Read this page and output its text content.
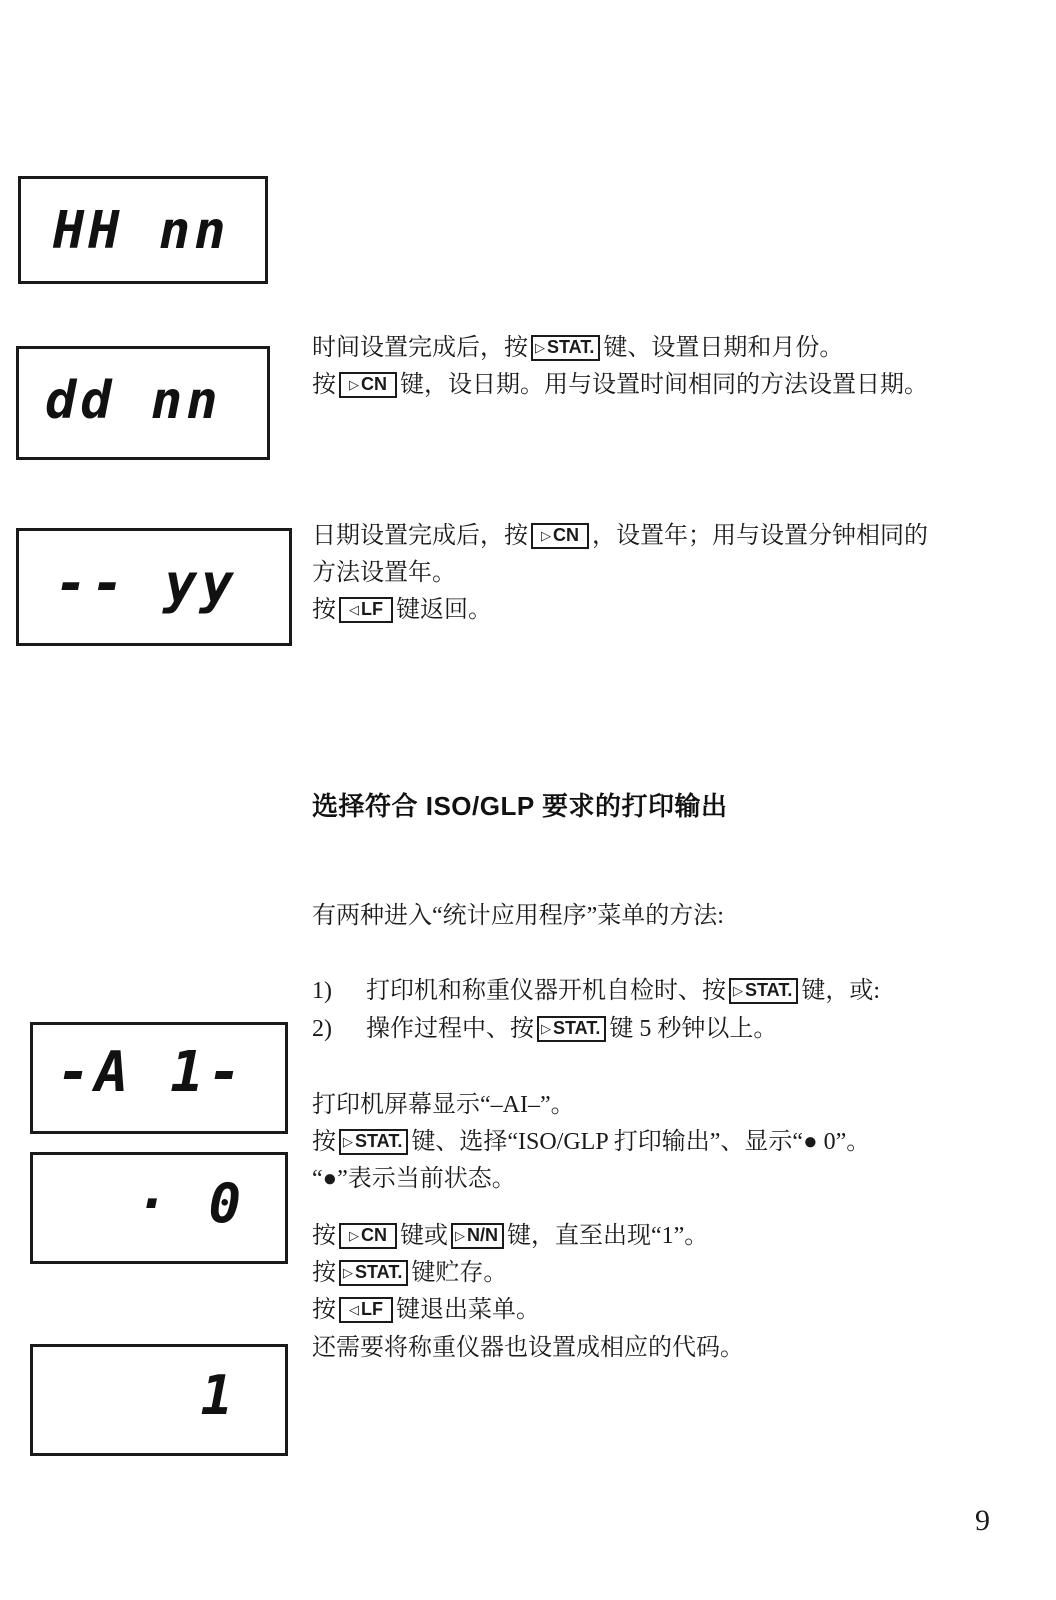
HH nn
dd nn
-- yy
-A 1-
· 0
1
时间设置完成后，按 ▷ STAT. 键、设置日期和月份。
按 ▷ CN 键，设日期。用与设置时间相同的方法设置日期。
日期设置完成后，按 ▷ CN ，设置年；用与设置分钟相同的
方法设置年。
按 ◁ LF 键返回。
选择符合 ISO/GLP 要求的打印输出
有两种进入“统计应用程序”菜单的方法:
1)	打印机和称重仪器开机自检时、按 ▷ STAT. 键，或:
2)	操作过程中、按 ▷ STAT. 键 5 秒钟以上。
打印机屏幕显示“–AI–”。
按 ▷ STAT. 键、选择“ISO/GLP 打印输出”、显示“● 0”。
“●”表示当前状态。
按 ▷ CN 键或 ▷ N/N 键，直至出现“1”。
按 ▷ STAT. 键贮存。
按 ◁ LF 键退出菜单。
还需要将称重仪器也设置成相应的代码。
9
